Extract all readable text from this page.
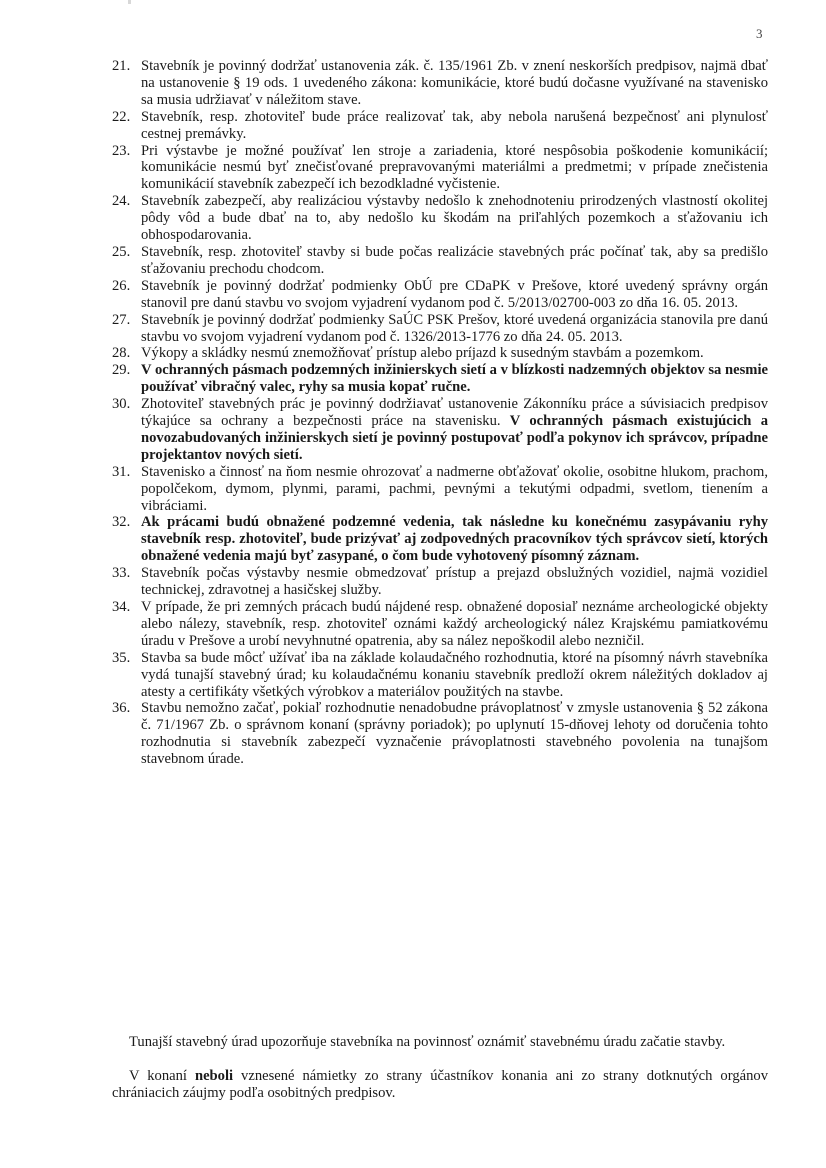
3
21. Stavebník je povinný dodržať ustanovenia zák. č. 135/1961 Zb. v znení neskorších predpisov, najmä dbať na ustanovenie § 19 ods. 1 uvedeného zákona: komunikácie, ktoré budú dočasne využívané na stavenisko sa musia udržiavať v náležitom stave.
22. Stavebník, resp. zhotoviteľ bude práce realizovať tak, aby nebola narušená bezpečnosť ani plynulosť cestnej premávky.
23. Pri výstavbe je možné používať len stroje a zariadenia, ktoré nespôsobia poškodenie komunikácií; komunikácie nesmú byť znečisťované prepravovanými materiálmi a predmetmi; v prípade znečistenia komunikácií stavebník zabezpečí ich bezodkladné vyčistenie.
24. Stavebník zabezpečí, aby realizáciou výstavby nedošlo k znehodnoteniu prirodzených vlastností okolitej pôdy vôd a bude dbať na to, aby nedošlo ku škodám na priľahlých pozemkoch a sťažovaniu ich obhospodarovania.
25. Stavebník, resp. zhotoviteľ stavby si bude počas realizácie stavebných prác počínať tak, aby sa predišlo sťažovaniu prechodu chodcom.
26. Stavebník je povinný dodržať podmienky ObÚ pre CDaPK v Prešove, ktoré uvedený správny orgán stanovil pre danú stavbu vo svojom vyjadrení vydanom pod č. 5/2013/02700-003 zo dňa 16. 05. 2013.
27. Stavebník je povinný dodržať podmienky SaÚC PSK Prešov, ktoré uvedená organizácia stanovila pre danú stavbu vo svojom vyjadrení vydanom pod č. 1326/2013-1776 zo dňa 24. 05. 2013.
28. Výkopy a skládky nesmú znemožňovať prístup alebo príjazd k susedným stavbám a pozemkom.
29. V ochranných pásmach podzemných inžinierskych sietí a v blízkosti nadzemných objektov sa nesmie používať vibračný valec, ryhy sa musia kopať ručne.
30. Zhotoviteľ stavebných prác je povinný dodržiavať ustanovenie Zákonníku práce a súvisiacich predpisov týkajúce sa ochrany a bezpečnosti práce na stavenisku. V ochranných pásmach existujúcich a novozabudovaných inžinierskych sietí je povinný postupovať podľa pokynov ich správcov, prípadne projektantov nových sietí.
31. Stavenisko a činnosť na ňom nesmie ohrozovať a nadmerne obťažovať okolie, osobitne hlukom, prachom, popolčekom, dymom, plynmi, parami, pachmi, pevnými a tekutými odpadmi, svetlom, tienením a vibráciami.
32. Ak prácami budú obnažené podzemné vedenia, tak následne ku konečnému zasypávaniu ryhy stavebník resp. zhotoviteľ, bude prizývať aj zodpovedných pracovníkov tých správcov sietí, ktorých obnažené vedenia majú byť zasypané, o čom bude vyhotovený písomný záznam.
33. Stavebník počas výstavby nesmie obmedzovať prístup a prejazd obslužných vozidiel, najmä vozidiel technickej, zdravotnej a hasičskej služby.
34. V prípade, že pri zemných prácach budú nájdené resp. obnažené doposiaľ neznáme archeologické objekty alebo nálezy, stavebník, resp. zhotoviteľ oznámi každý archeologický nález Krajskému pamiatkovému úradu v Prešove a urobí nevyhnutné opatrenia, aby sa nález nepoškodil alebo nezničil.
35. Stavba sa bude môcť užívať iba na základe kolaudačného rozhodnutia, ktoré na písomný návrh stavebníka vydá tunajší stavebný úrad; ku kolaudačnému konaniu stavebník predloží okrem náležitých dokladov aj atesty a certifikáty všetkých výrobkov a materiálov použitých na stavbe.
36. Stavbu nemožno začať, pokiaľ rozhodnutie nenadobudne právoplatnosť v zmysle ustanovenia § 52 zákona č. 71/1967 Zb. o správnom konaní (správny poriadok); po uplynutí 15-dňovej lehoty od doručenia tohto rozhodnutia si stavebník zabezpečí vyznačenie právoplatnosti stavebného povolenia na tunajšom stavebnom úrade.

Tunajší stavebný úrad upozorňuje stavebníka na povinnosť oznámiť stavebnému úradu začatie stavby.

V konaní neboli vznesené námietky zo strany účastníkov konania ani zo strany dotknutých orgánov chrániacich záujmy podľa osobitných predpisov.
